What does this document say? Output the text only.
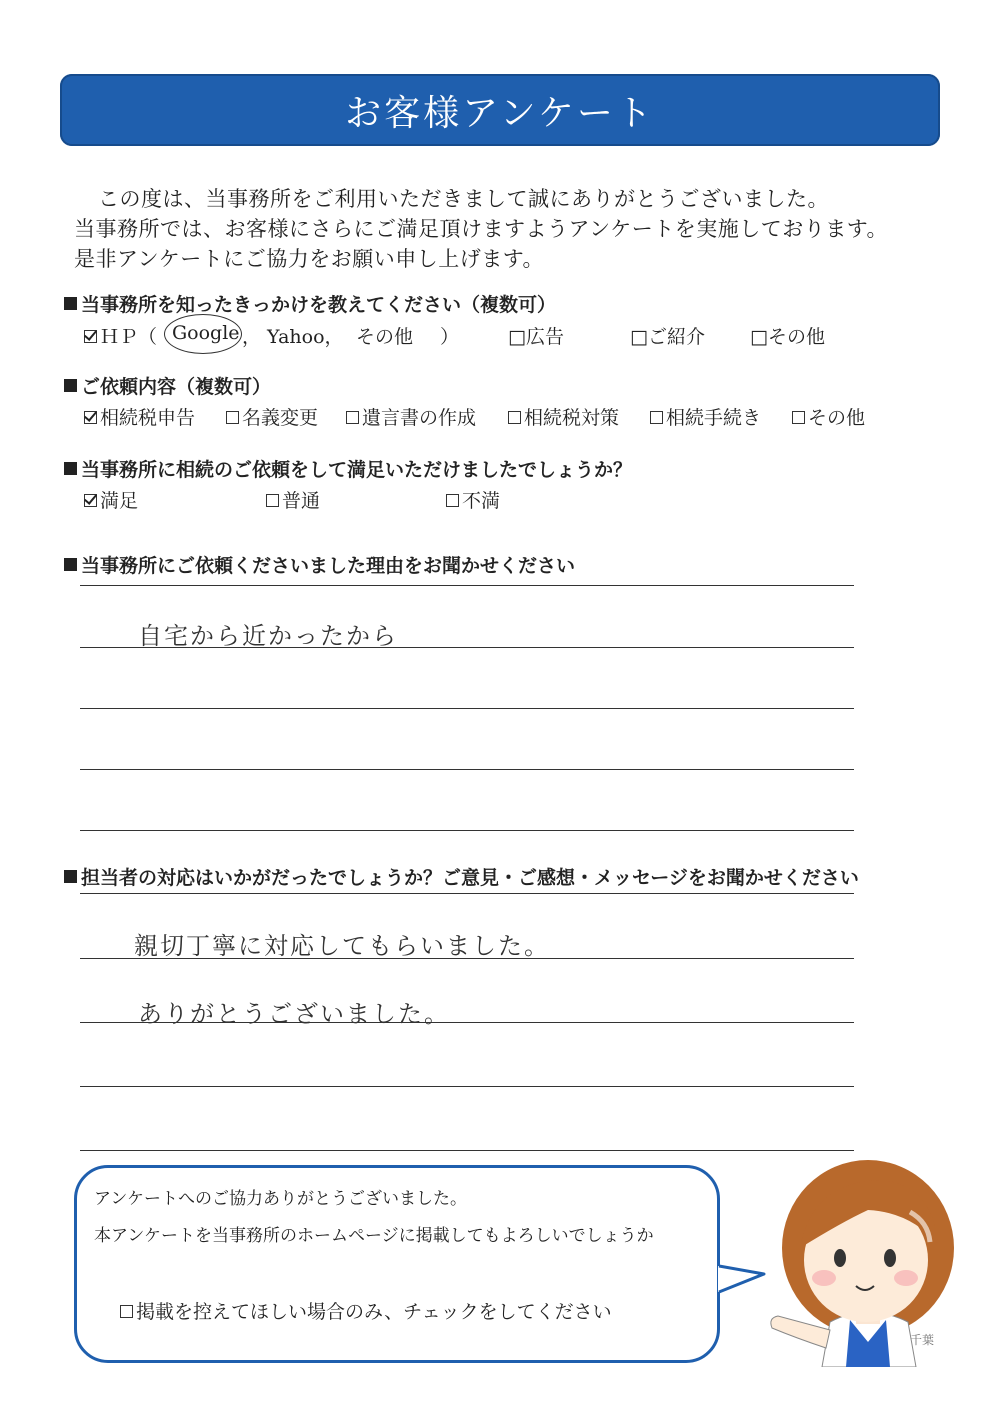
お客様アンケート
この度は、当事務所をご利用いただきまして誠にありがとうございました。
当事務所では、お客様にさらにご満足頂けますようアンケートを実施しております。
是非アンケートにご協力をお願い申し上げます。
当事務所を知ったきっかけを教えてください（複数可）
ＨＰ（ Google ， Yahoo， その他 ）	□広告	□ご紹介 □その他
ご依頼内容（複数可）
相続税申告	名義変更	遺言書の作成	相続税対策	相続手続き	その他
当事務所に相続のご依頼をして満足いただけましたでしょうか？
満足	普通	不満
当事務所にご依頼くださいました理由をお聞かせください
自宅から近かったから
担当者の対応はいかがだったでしょうか？ご意見・ご感想・メッセージをお聞かせください
親切丁寧に対応してもらいました。
ありがとうございました。
アンケートへのご協力ありがとうございました。
本アンケートを当事務所のホームページに掲載してもよろしいでしょうか
掲載を控えてほしい場合のみ、チェックをしてください
千葉
